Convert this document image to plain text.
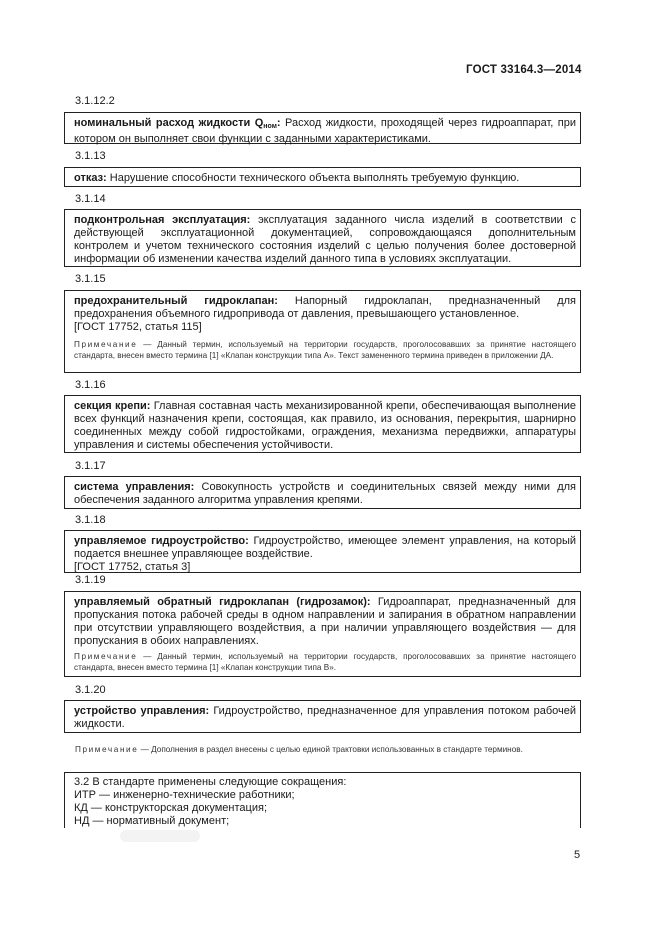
ГОСТ 33164.3—2014
3.1.12.2
номинальный расход жидкости $Q_{ном}$: Расход жидкости, проходящей через гидроаппарат, при котором он выполняет свои функции с заданными характеристиками.
3.1.13
отказ: Нарушение способности технического объекта выполнять требуемую функцию.
3.1.14
подконтрольная эксплуатация: эксплуатация заданного числа изделий в соответствии с действующей эксплуатационной документацией, сопровождающаяся дополнительным контролем и учетом технического состояния изделий с целью получения более достоверной информации об изменении качества изделий данного типа в условиях эксплуатации.
3.1.15
предохранительный гидроклапан: Напорный гидроклапан, предназначенный для предохранения объемного гидропривода от давления, превышающего установленное.
[ГОСТ 17752, статья 115]
Примечание — Данный термин, используемый на территории государств, проголосовавших за принятие настоящего стандарта, внесен вместо термина [1] «Клапан конструкции типа А». Текст замененного термина приведен в приложении ДА.
3.1.16
секция крепи: Главная составная часть механизированной крепи, обеспечивающая выполнение всех функций назначения крепи, состоящая, как правило, из основания, перекрытия, шарнирно соединенных между собой гидростойками, ограждения, механизма передвижки, аппаратуры управления и системы обеспечения устойчивости.
3.1.17
система управления: Совокупность устройств и соединительных связей между ними для обеспечения заданного алгоритма управления крепями.
3.1.18
управляемое гидроустройство: Гидроустройство, имеющее элемент управления, на который подается внешнее управляющее воздействие.
[ГОСТ 17752, статья 3]
3.1.19
управляемый обратный гидроклапан (гидрозамок): Гидроаппарат, предназначенный для пропускания потока рабочей среды в одном направлении и запирания в обратном направлении при отсутствии управляющего воздействия, а при наличии управляющего воздействия — для пропускания в обоих направлениях.
Примечание — Данный термин, используемый на территории государств, проголосовавших за принятие настоящего стандарта, внесен вместо термина [1] «Клапан конструкции типа В».
3.1.20
устройство управления: Гидроустройство, предназначенное для управления потоком рабочей жидкости.
Примечание — Дополнения в раздел внесены с целью единой трактовки использованных в стандарте терминов.
3.2 В стандарте применены следующие сокращения:
ИТР — инженерно-технические работники;
КД — конструкторская документация;
НД — нормативный документ;
5
